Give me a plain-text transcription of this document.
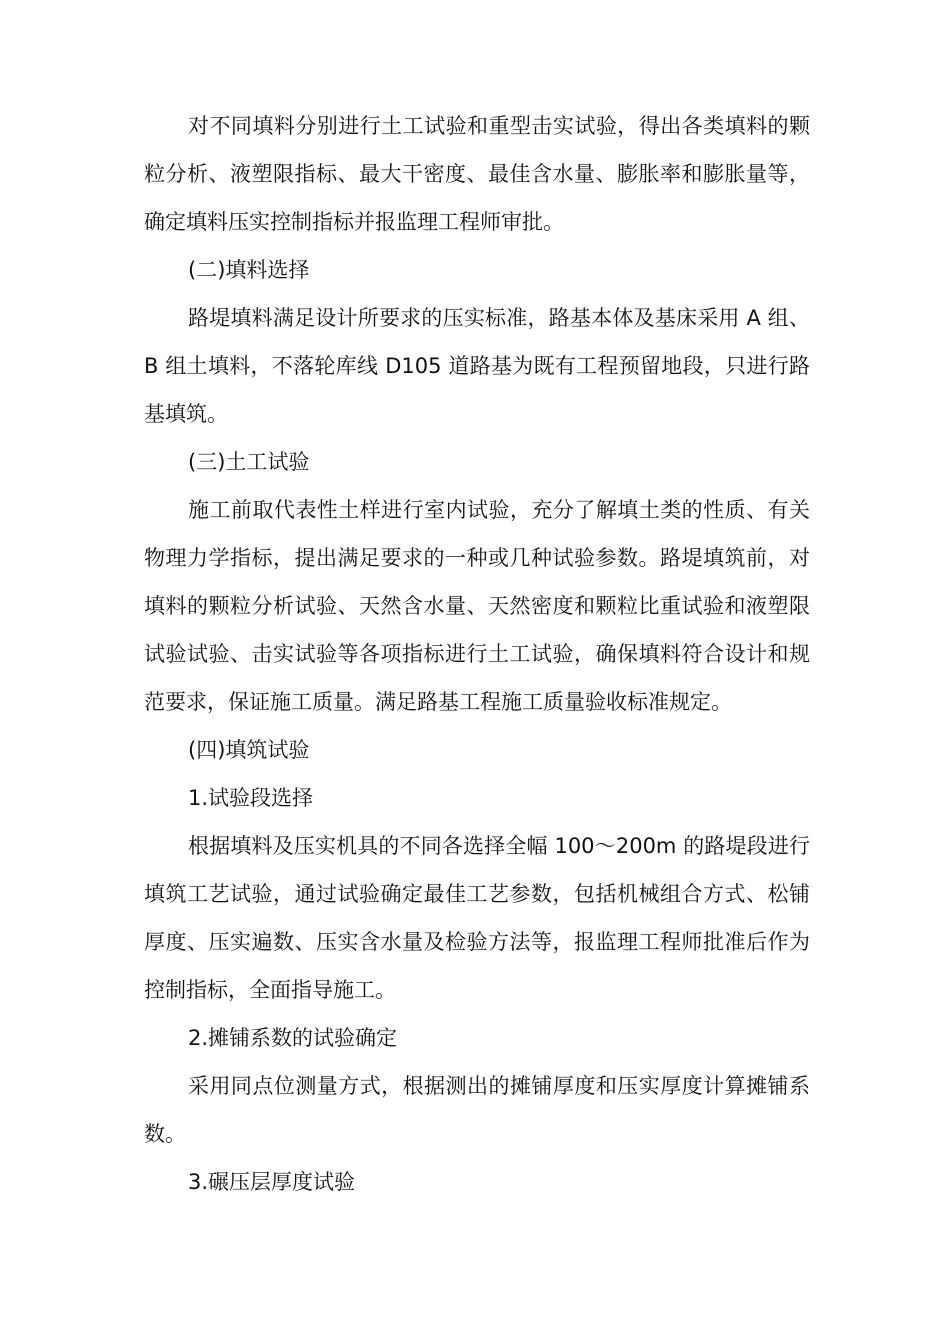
对不同填料分别进行土工试验和重型击实试验，得出各类填料的颗粒分析、液塑限指标、最大干密度、最佳含水量、膨胀率和膨胀量等，确定填料压实控制指标并报监理工程师审批。

(二)填料选择

路堤填料满足设计所要求的压实标准，路基本体及基床采用 A 组、B 组土填料，不落轮库线 D105 道路基为既有工程预留地段，只进行路基填筑。

(三)土工试验

施工前取代表性土样进行室内试验，充分了解填土类的性质、有关物理力学指标，提出满足要求的一种或几种试验参数。路堤填筑前，对填料的颗粒分析试验、天然含水量、天然密度和颗粒比重试验和液塑限试验试验、击实试验等各项指标进行土工试验，确保填料符合设计和规范要求，保证施工质量。满足路基工程施工质量验收标准规定。

(四)填筑试验

1.试验段选择

根据填料及压实机具的不同各选择全幅 100～200m 的路堤段进行填筑工艺试验，通过试验确定最佳工艺参数，包括机械组合方式、松铺厚度、压实遍数、压实含水量及检验方法等，报监理工程师批准后作为控制指标，全面指导施工。

2.摊铺系数的试验确定

采用同点位测量方式，根据测出的摊铺厚度和压实厚度计算摊铺系数。

3.碾压层厚度试验
